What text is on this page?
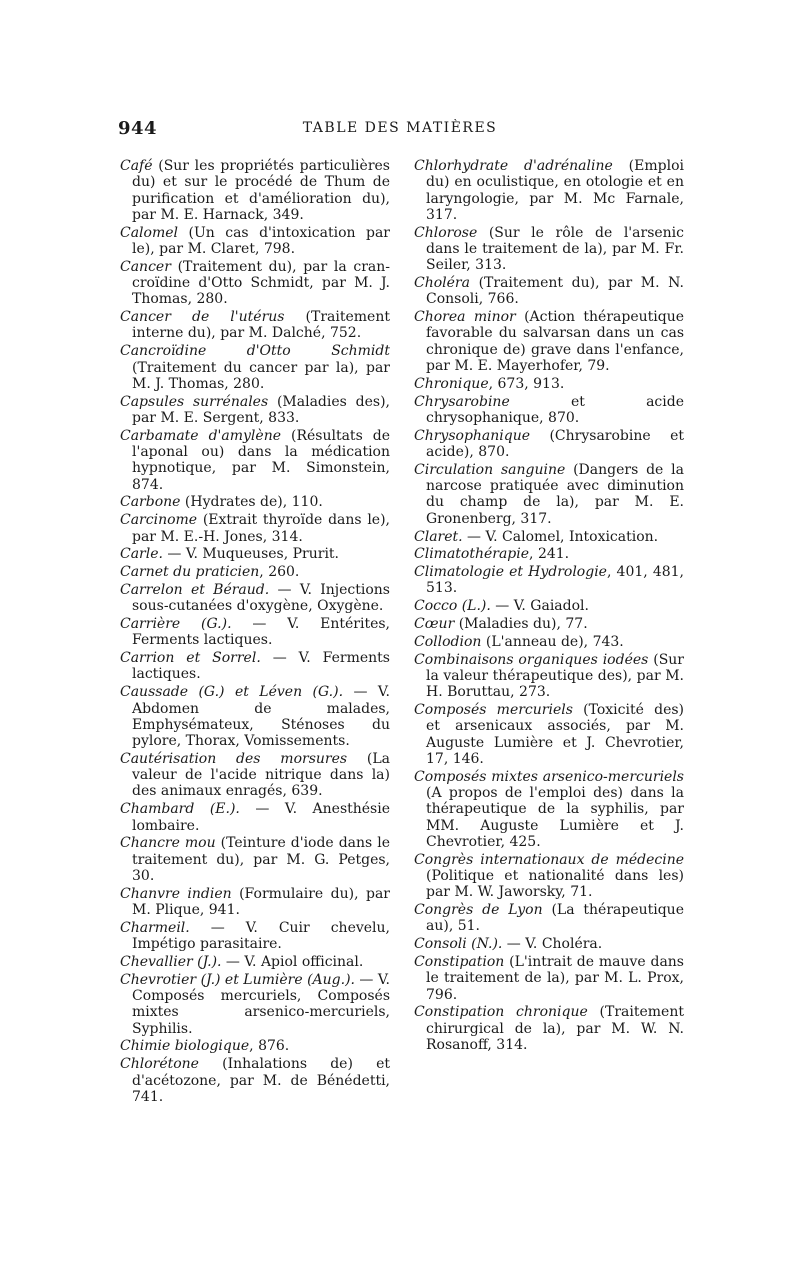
944	TABLE DES MATIÈRES

Café (Sur les propriétés particulières du) et sur le procédé de Thum de purification et d'amélioration du), par M. E. Harnack, 349.

Calomel (Un cas d'intoxication par le), par M. Claret, 798.

Cancer (Traitement du), par la cran-croïdine d'Otto Schmidt, par M. J. Thomas, 280.

Cancer de l'utérus (Traitement interne du), par M. Dalché, 752.

Cancroïdine d'Otto Schmidt (Traitement du cancer par la), par M. J. Thomas, 280.

Capsules surrénales (Maladies des), par M. E. Sergent, 833.

Carbamate d'amylène (Résultats de l'aponal ou) dans la médication hypnotique, par M. Simonstein, 874.

Carbone (Hydrates de), 110.

Carcinome (Extrait thyroïde dans le), par M. E.-H. Jones, 314.

Carle. — V. Muqueuses, Prurit.

Carnet du praticien, 260.

Carrelon et Béraud. — V. Injections sous-cutanées d'oxygène, Oxygène.

Carrière (G.). — V. Entérites, Ferments lactiques.

Carrion et Sorrel. — V. Ferments lactiques.

Caussade (G.) et Léven (G.). — V. Abdomen de malades, Emphysémateux, Sténoses du pylore, Thorax, Vomissements.

Cautérisation des morsures (La valeur de l'acide nitrique dans la) des animaux enragés, 639.

Chambard (E.). — V. Anesthésie lombaire.

Chancre mou (Teinture d'iode dans le traitement du), par M. G. Petges, 30.

Chanvre indien (Formulaire du), par M. Plique, 941.

Charmeil. — V. Cuir chevelu, Impétigo parasitaire.

Chevallier (J.). — V. Apiol officinal.

Chevrotier (J.) et Lumière (Aug.). — V. Composés mercuriels, Composés mixtes arsenico-mercuriels, Syphilis.

Chimie biologique, 876.

Chlorétone (Inhalations de) et d'acétozone, par M. de Bénédetti, 741.

Chlorhydrate d'adrénaline (Emploi du) en oculistique, en otologie et en laryngologie, par M. Mc Farnale, 317.

Chlorose (Sur le rôle de l'arsenic dans le traitement de la), par M. Fr. Seiler, 313.

Choléra (Traitement du), par M. N. Consoli, 766.

Chorea minor (Action thérapeutique favorable du salvarsan dans un cas chronique de) grave dans l'enfance, par M. E. Mayerhofer, 79.

Chronique, 673, 913.

Chrysarobine et acide chrysophanique, 870.

Chrysophanique (Chrysarobine et acide), 870.

Circulation sanguine (Dangers de la narcose pratiquée avec diminution du champ de la), par M. E. Gronenberg, 317.

Claret. — V. Calomel, Intoxication.

Climatothérapie, 241.

Climatologie et Hydrologie, 401, 481, 513.

Cocco (L.). — V. Gaiadol.

Cœur (Maladies du), 77.

Collodion (L'anneau de), 743.

Combinaisons organiques iodées (Sur la valeur thérapeutique des), par M. H. Boruttau, 273.

Composés mercuriels (Toxicité des) et arsenicaux associés, par M. Auguste Lumière et J. Chevrotier, 17, 146.

Composés mixtes arsenico-mercuriels (A propos de l'emploi des) dans la thérapeutique de la syphilis, par MM. Auguste Lumière et J. Chevrotier, 425.

Congrès internationaux de médecine (Politique et nationalité dans les) par M. W. Jaworsky, 71.

Congrès de Lyon (La thérapeutique au), 51.

Consoli (N.). — V. Choléra.

Constipation (L'intrait de mauve dans le traitement de la), par M. L. Prox, 796.

Constipation chronique (Traitement chirurgical de la), par M. W. N. Rosanoff, 314.
